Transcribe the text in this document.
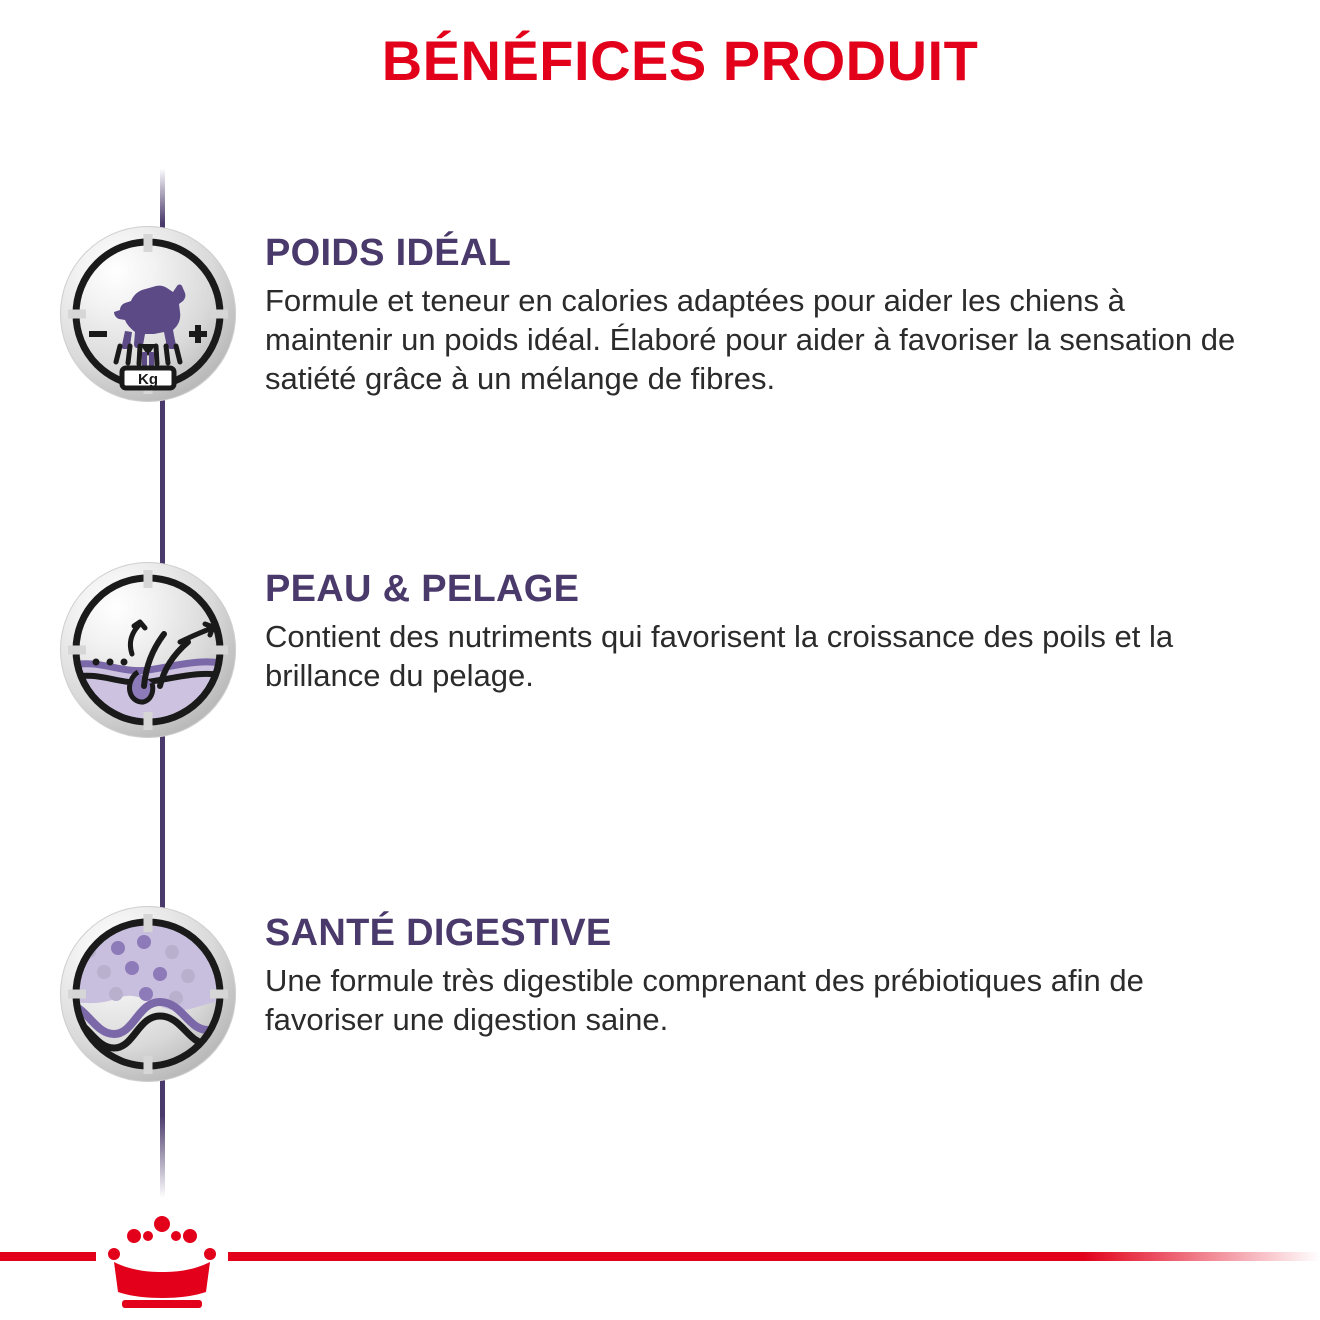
BÉNÉFICES PRODUIT
Kg
POIDS IDÉAL
Formule et teneur en calories adaptées pour aider les chiens à maintenir un poids idéal. Élaboré pour aider à favoriser la sensation de satiété grâce à un mélange de fibres.
PEAU & PELAGE
Contient des nutriments qui favorisent la croissance des poils et la brillance du pelage.
SANTÉ DIGESTIVE
Une formule très digestible comprenant des prébiotiques afin de favoriser une digestion saine.
